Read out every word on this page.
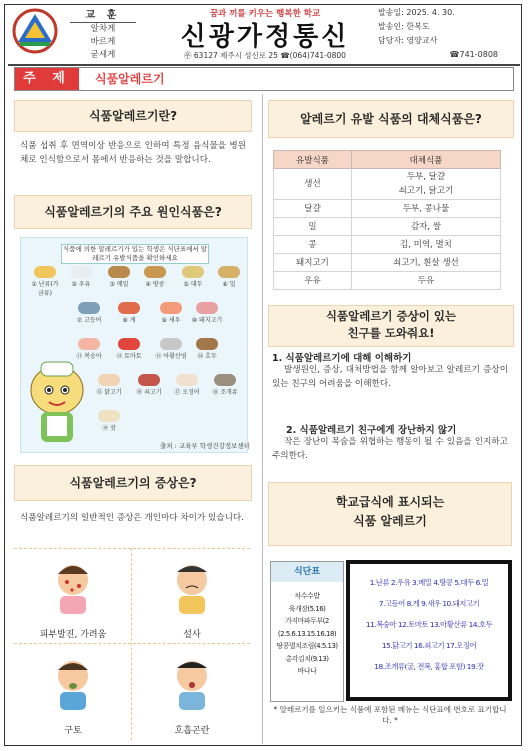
교 훈
알차게
바르게
굳세게
꿈과 끼를 키우는 행복한 학교
신광가정통신
㉾ 63127 제주시 성신로 25 ☎(064)741-0800
발송일: 2025. 4. 30.
발송인: 한복도
담당자: 영양교사
☎741-0808
주 제	식품알레르기
식품알레르기란?
식품 섭취 후 면역이상 반응으로 인하여 특정 음식물을 병원체로 인식함으로서 몸에서 반응하는 것을 말합니다.
식품알레르기의 주요 원인식품은?
식품에 의한 알레르기가 있는 학생은 식단표에서 알레르기 유발식품을 확인하세요
① 난류(가금류)
② 우유	③ 메밀	④ 땅콩	⑤ 대두	⑥ 밀
⑦ 고등어	⑧ 게	⑨ 새우	⑩ 돼지고기
⑪ 복숭아	⑫ 토마토	⑬ 아황산염	⑭ 호두
⑮ 닭고기	⑯ 쇠고기	⑰ 오징어	⑱ 조개류
⑲ 잣
출처 : 교육부 학생건강정보센터
식품알레르기의 증상은?
식품알레르기의 일반적인 증상은 개인마다 차이가 있습니다.
피부발진, 가려움	설사
구토	호흡곤란
알레르기 유발 식품의 대체식품은?
유발식품	대체식품
생선	두부, 달걀
쇠고기, 닭고기
달걀	두부, 콩나물
밀	감자, 쌀
콩	김, 미역, 멸치
돼지고기	쇠고기, 흰살 생선
우유	두유
식품알레르기 증상이 있는
친구를 도와줘요!
1. 식품알레르기에 대해 이해하기
발생원인, 증상, 대처방법을 함께 알아보고 알레르기 증상이 있는 친구의 어려움을 이해한다.
2. 식품알레르기 친구에게 장난하지 않기
작은 장난이 목숨을 위협하는 행동이 될 수 있음을 인지하고 주의한다.
학교급식에 표시되는
식품 알레르기
식단표
차수수밥
육개장(5.16)
가지마파두부(2
(2.5.6.13.15.16.18)
땅콩멸치조림(4.5.13)
총각김치(9.13)
바나나
1.난류 2.우유 3.메밀 4.땅콩 5.대두 6.밀
7.고등어 8.게 9.새우 10.돼지고기
11.복숭아 12.토마토 13.아황산류 14.호두
15.닭고기 16.쇠고기 17.오징어
18.조개류(굴, 전복, 홍합 포함) 19.잣
* 알레르기를 일으키는 식품에 포함된 메뉴는 식단표에 번호로 표기합니다. *
